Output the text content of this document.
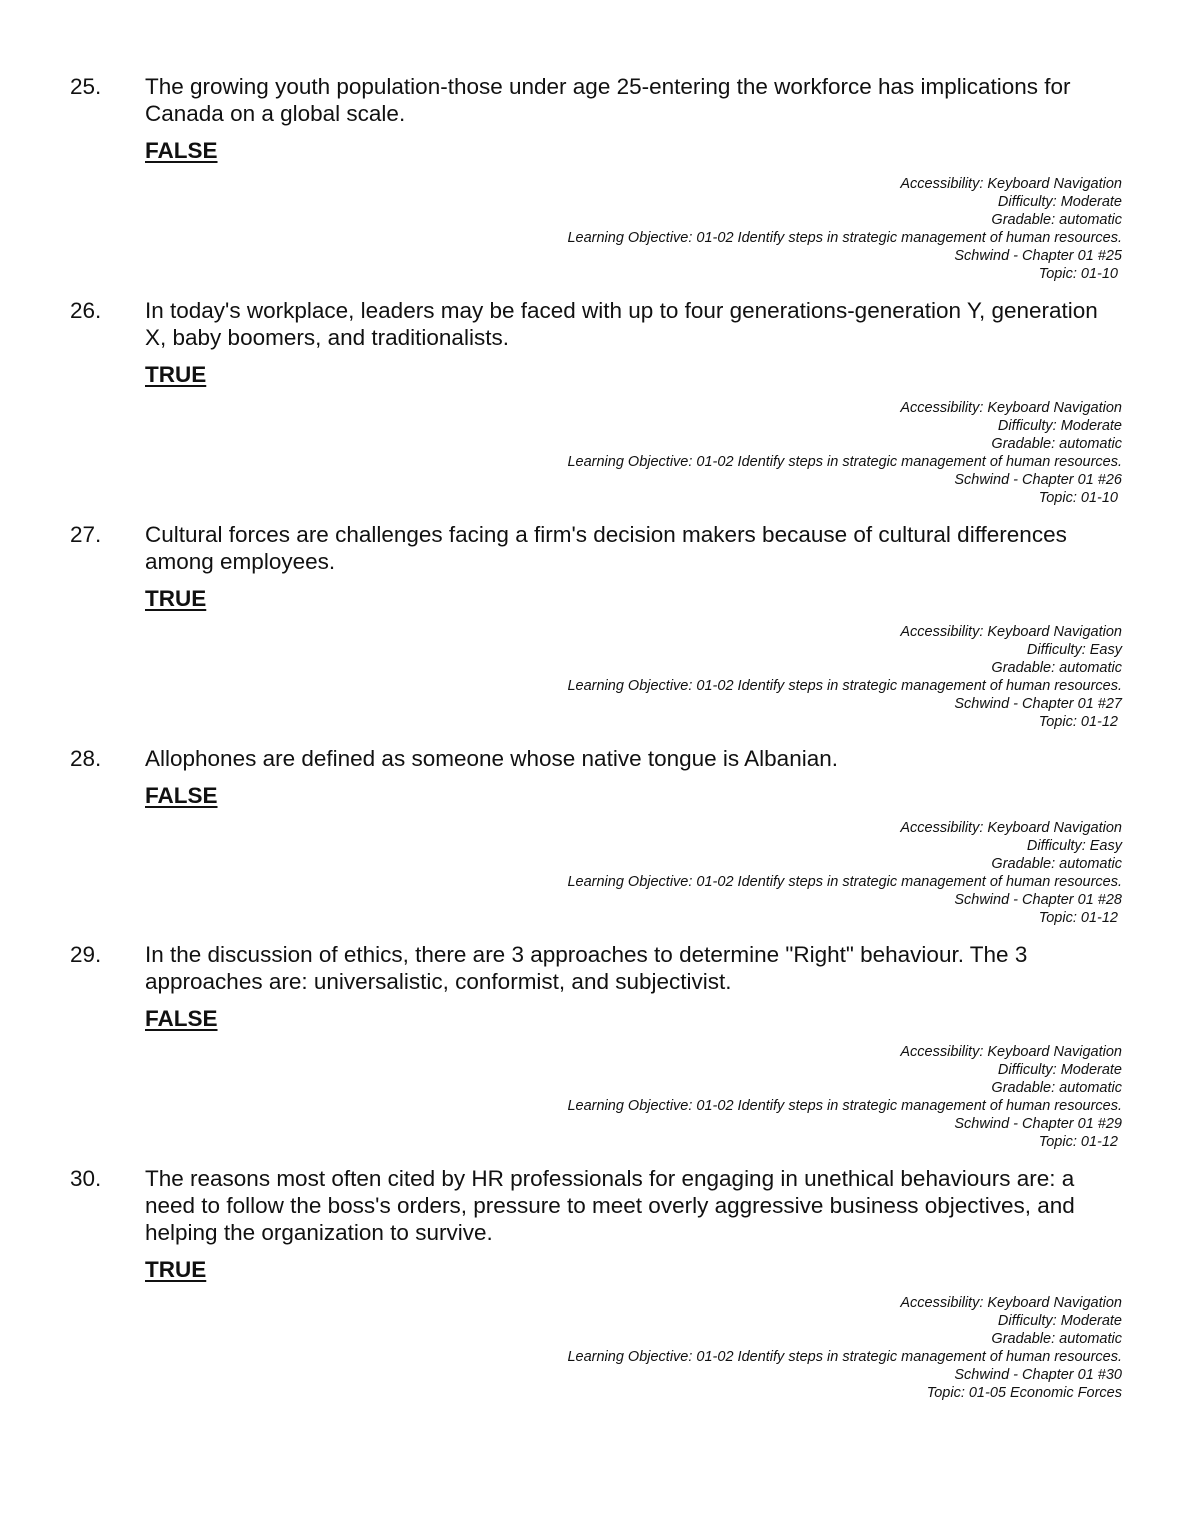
25. The growing youth population-those under age 25-entering the workforce has implications for
Canada on a global scale.
FALSE
Accessibility: Keyboard Navigation
Difficulty: Moderate
Gradable: automatic
Learning Objective: 01-02 Identify steps in strategic management of human resources.
Schwind - Chapter 01 #25
Topic: 01-10
26. In today's workplace, leaders may be faced with up to four generations-generation Y, generation
X, baby boomers, and traditionalists.
TRUE
Accessibility: Keyboard Navigation
Difficulty: Moderate
Gradable: automatic
Learning Objective: 01-02 Identify steps in strategic management of human resources.
Schwind - Chapter 01 #26
Topic: 01-10
27. Cultural forces are challenges facing a firm's decision makers because of cultural differences
among employees.
TRUE
Accessibility: Keyboard Navigation
Difficulty: Easy
Gradable: automatic
Learning Objective: 01-02 Identify steps in strategic management of human resources.
Schwind - Chapter 01 #27
Topic: 01-12
28. Allophones are defined as someone whose native tongue is Albanian.
FALSE
Accessibility: Keyboard Navigation
Difficulty: Easy
Gradable: automatic
Learning Objective: 01-02 Identify steps in strategic management of human resources.
Schwind - Chapter 01 #28
Topic: 01-12
29. In the discussion of ethics, there are 3 approaches to determine "Right" behaviour. The 3
approaches are: universalistic, conformist, and subjectivist.
FALSE
Accessibility: Keyboard Navigation
Difficulty: Moderate
Gradable: automatic
Learning Objective: 01-02 Identify steps in strategic management of human resources.
Schwind - Chapter 01 #29
Topic: 01-12
30. The reasons most often cited by HR professionals for engaging in unethical behaviours are: a
need to follow the boss's orders, pressure to meet overly aggressive business objectives, and
helping the organization to survive.
TRUE
Accessibility: Keyboard Navigation
Difficulty: Moderate
Gradable: automatic
Learning Objective: 01-02 Identify steps in strategic management of human resources.
Schwind - Chapter 01 #30
Topic: 01-05 Economic Forces
